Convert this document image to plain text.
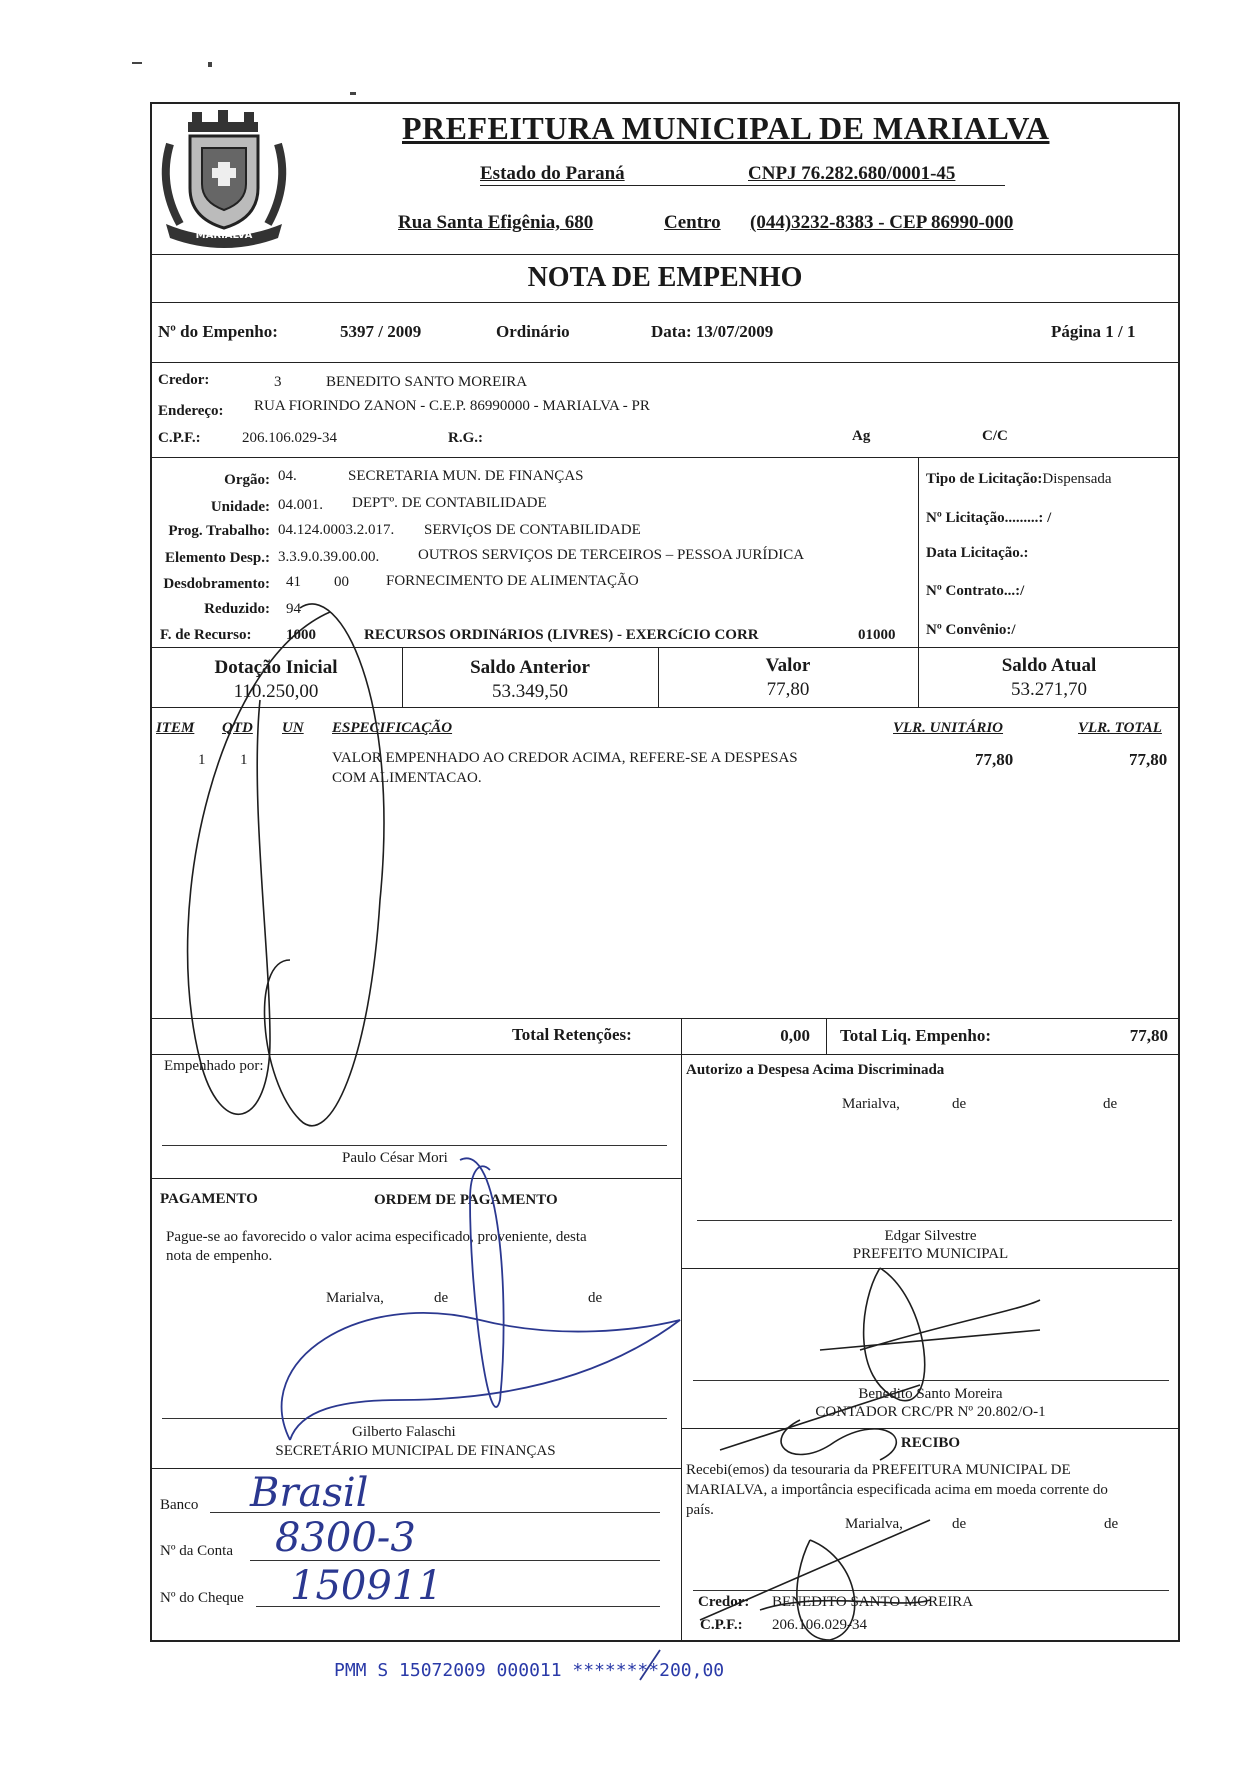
MARIALVA
PREFEITURA MUNICIPAL DE MARIALVA
Estado do Paraná	CNPJ 76.282.680/0001-45
Rua Santa Efigênia, 680	Centro (044)3232-8383 - CEP 86990-000
NOTA DE EMPENHO
Nº do Empenho:	5397 / 2009	Ordinário	Data: 13/07/2009	Página 1 / 1
Credor:	3	BENEDITO SANTO MOREIRA
Endereço: RUA FIORINDO ZANON - C.E.P. 86990000 - MARIALVA - PR
C.P.F.:	206.106.029-34	R.G.:	Ag	C/C
Orgão: 04.	SECRETARIA MUN. DE FINANÇAS
Unidade: 04.001. DEPTº. DE CONTABILIDADE
Prog. Trabalho: 04.124.0003.2.017. SERVIçOS DE CONTABILIDADE
Elemento Desp.: 3.3.9.0.39.00.00.	OUTROS SERVIÇOS DE TERCEIROS – PESSOA JURÍDICA
Desdobramento: 41 00 FORNECIMENTO DE ALIMENTAÇÃO
Reduzido: 94
F. de Recurso: 1000	RECURSOS ORDINáRIOS (LIVRES) - EXERCíCIO CORR	01000
Tipo de Licitação:Dispensada
Nº Licitação.........: /
Data Licitação.:
Nº Contrato...:/
Nº Convênio:/
Dotação Inicial
110.250,00
Saldo Anterior
53.349,50
Valor
77,80
Saldo Atual
53.271,70
ITEM QTD UN ESPECIFICAÇÃO	VLR. UNITÁRIO	VLR. TOTAL
1 1	VALOR EMPENHADO AO CREDOR ACIMA, REFERE-SE A DESPESAS
COM ALIMENTACAO.
77,80	77,80
Total Retenções:	0,00 Total Liq. Empenho:	77,80
Empenhado por:
Paulo César Mori
Autorizo a Despesa Acima Discriminada
Marialva,	de	de
Edgar Silvestre
PREFEITO MUNICIPAL
PAGAMENTO	ORDEM DE PAGAMENTO
Pague-se ao favorecido o valor acima especificado, proveniente, desta
nota de empenho.
Marialva,	de	de
Gilberto Falaschi
SECRETÁRIO MUNICIPAL DE FINANÇAS
Benedito Santo Moreira
CONTADOR CRC/PR Nº 20.802/O-1
Banco Brasil
Nº da Conta 8300-3
Nº do Cheque 150911
RECIBO
Recebi(emos) da tesouraria da PREFEITURA MUNICIPAL DE
MARIALVA, a importância especificada acima em moeda corrente do
país.
Marialva,	de	de
Credor: BENEDITO SANTO MOREIRA
C.P.F.: 206.106.029-34
PMM S 15072009 000011 ********200,00
